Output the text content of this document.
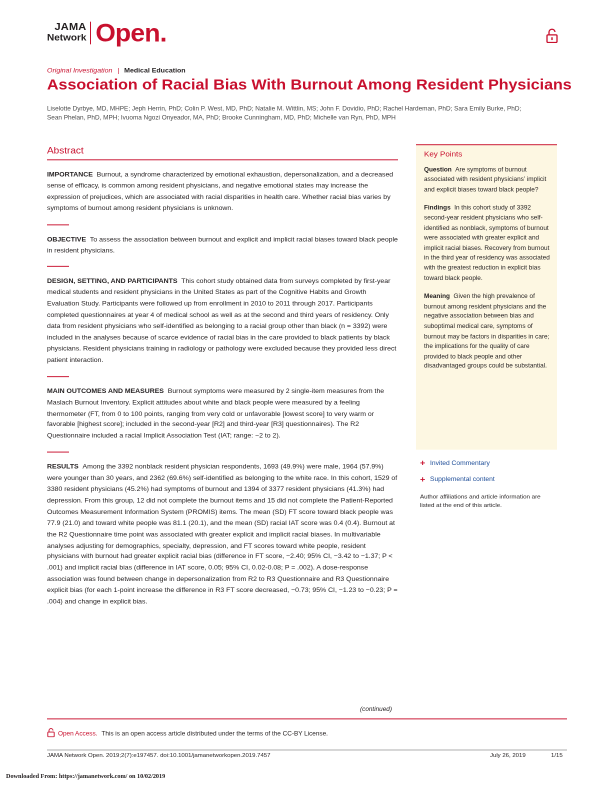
JAMA
Network Open.
Original Investigation | Medical Education
Association of Racial Bias With Burnout Among Resident Physicians
Liselotte Dyrbye, MD, MHPE; Jeph Herrin, PhD; Colin P. West, MD, PhD; Natalie M. Wittlin, MS; John F. Dovidio, PhD; Rachel Hardeman, PhD; Sara Emily Burke, PhD;
Sean Phelan, PhD, MPH; Ivuoma Ngozi Onyeador, MA, PhD; Brooke Cunningham, MD, PhD; Michelle van Ryn, PhD, MPH
Abstract

IMPORTANCE Burnout, a syndrome characterized by emotional exhaustion, depersonalization, and a decreased sense of efficacy, is common among resident physicians, and negative emotional states may increase the expression of prejudices, which are associated with racial disparities in health care. Whether racial bias varies by symptoms of burnout among resident physicians is unknown.

OBJECTIVE To assess the association between burnout and explicit and implicit racial biases toward black people in resident physicians.

DESIGN, SETTING, AND PARTICIPANTS This cohort study obtained data from surveys completed by first-year medical students and resident physicians in the United States as part of the Cognitive Habits and Growth Evaluation Study. Participants were followed up from enrollment in 2010 to 2011 through 2017. Participants completed questionnaires at year 4 of medical school as well as at the second and third years of residency. Only data from resident physicians who self-identified as belonging to a racial group other than black (n = 3392) were included in the analyses because of scarce evidence of racial bias in the care provided to black patients by black physicians. Resident physicians training in radiology or pathology were excluded because they provided less direct patient interaction.

MAIN OUTCOMES AND MEASURES Burnout symptoms were measured by 2 single-item measures from the Maslach Burnout Inventory. Explicit attitudes about white and black people were measured by a feeling thermometer (FT, from 0 to 100 points, ranging from very cold or unfavorable [lowest score] to very warm or favorable [highest score]; included in the second-year [R2] and third-year [R3] questionnaires). The R2 Questionnaire included a racial Implicit Association Test (IAT; range: −2 to 2).

RESULTS Among the 3392 nonblack resident physician respondents, 1693 (49.9%) were male, 1964 (57.9%) were younger than 30 years, and 2362 (69.6%) self-identified as belonging to the white race. In this cohort, 1529 of 3380 resident physicians (45.2%) had symptoms of burnout and 1394 of 3377 resident physicians (41.3%) had depression. From this group, 12 did not complete the burnout items and 15 did not complete the Patient-Reported Outcomes Measurement Information System (PROMIS) items. The mean (SD) FT score toward black people was 77.9 (21.0) and toward white people was 81.1 (20.1), and the mean (SD) racial IAT score was 0.4 (0.4). Burnout at the R2 Questionnaire time point was associated with greater explicit and implicit racial biases. In multivariable analyses adjusting for demographics, specialty, depression, and FT scores toward white people, resident physicians with burnout had greater explicit racial bias (difference in FT score, −2.40; 95% CI, −3.42 to −1.37; P < .001) and implicit racial bias (difference in IAT score, 0.05; 95% CI, 0.02-0.08; P = .002). A dose-response association was found between change in depersonalization from R2 to R3 Questionnaire and R3 Questionnaire explicit bias (for each 1-point increase the difference in R3 FT score decreased, −0.73; 95% CI, −1.23 to −0.23; P = .004) and change in explicit bias.

(continued)
Key Points

Question Are symptoms of burnout associated with resident physicians’ implicit and explicit biases toward black people?

Findings In this cohort study of 3392 second-year resident physicians who self-identified as nonblack, symptoms of burnout were associated with greater explicit and implicit racial biases. Recovery from burnout in the third year of residency was associated with the greatest reduction in explicit bias toward black people.

Meaning Given the high prevalence of burnout among resident physicians and the negative association between bias and suboptimal medical care, symptoms of burnout may be factors in disparities in care; the implications for the quality of care provided to black people and other disadvantaged groups could be substantial.

+ Invited Commentary
+ Supplemental content
Author affiliations and article information are listed at the end of this article.
Open Access. This is an open access article distributed under the terms of the CC-BY License.
JAMA Network Open. 2019;2(7):e197457. doi:10.1001/jamanetworkopen.2019.7457	July 26, 2019	1/15
Downloaded From: https://jamanetwork.com/ on 10/02/2019
